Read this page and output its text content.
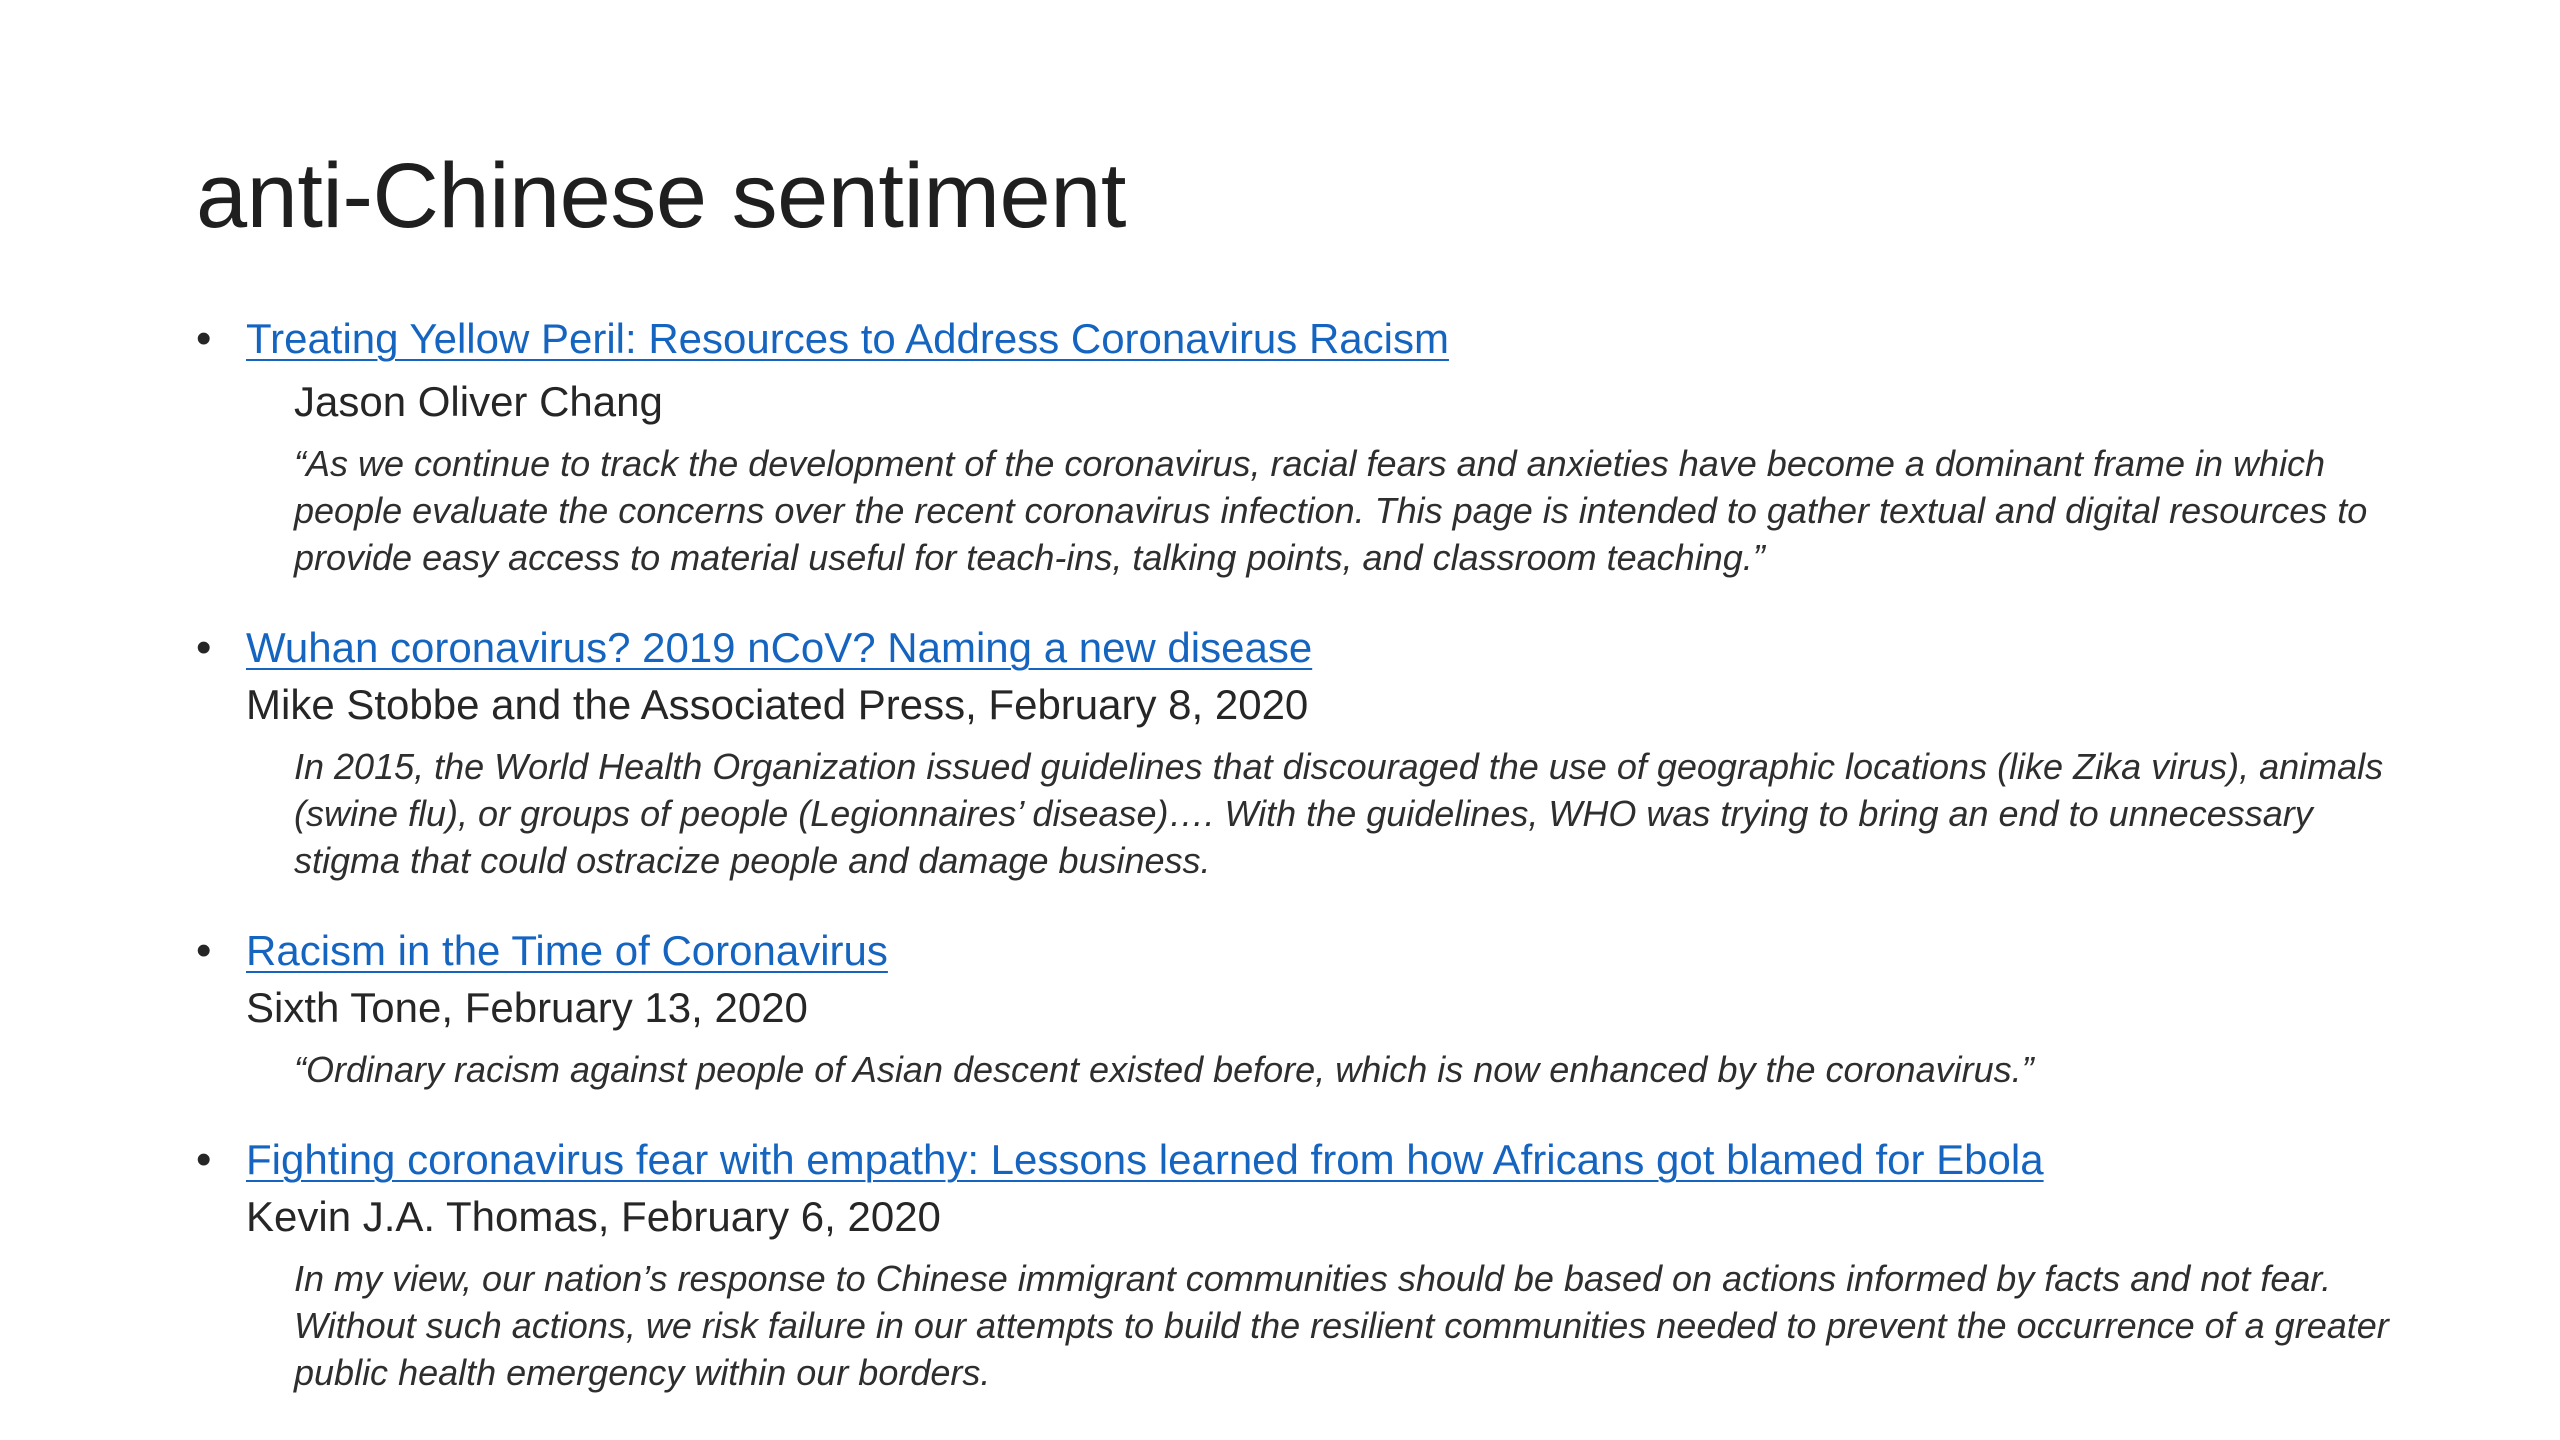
anti-Chinese sentiment
• Treating Yellow Peril: Resources to Address Coronavirus Racism
Jason Oliver Chang
“As we continue to track the development of the coronavirus, racial fears and anxieties have become a dominant frame in which people evaluate the concerns over the recent coronavirus infection. This page is intended to gather textual and digital resources to provide easy access to material useful for teach-ins, talking points, and classroom teaching.”
• Wuhan coronavirus? 2019 nCoV? Naming a new disease
Mike Stobbe and the Associated Press, February 8, 2020
In 2015, the World Health Organization issued guidelines that discouraged the use of geographic locations (like Zika virus), animals (swine flu), or groups of people (Legionnaires’ disease)…. With the guidelines, WHO was trying to bring an end to unnecessary stigma that could ostracize people and damage business.
• Racism in the Time of Coronavirus
Sixth Tone, February 13, 2020
“Ordinary racism against people of Asian descent existed before, which is now enhanced by the coronavirus.”
• Fighting coronavirus fear with empathy: Lessons learned from how Africans got blamed for Ebola
Kevin J.A. Thomas, February 6, 2020
In my view, our nation’s response to Chinese immigrant communities should be based on actions informed by facts and not fear. Without such actions, we risk failure in our attempts to build the resilient communities needed to prevent the occurrence of a greater public health emergency within our borders.
